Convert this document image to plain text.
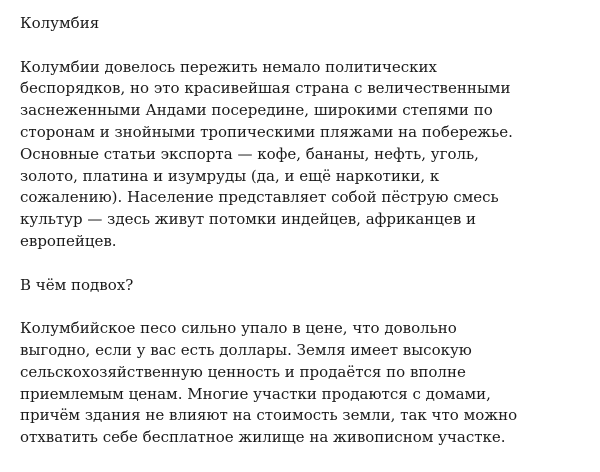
Колумбия
Колумбии довелось пережить немало политических
беспорядков, но это красивейшая страна с величественными
заснеженными Андами посередине, широкими степями по
сторонам и знойными тропическими пляжами на побережье.
Основные статьи экспорта — кофе, бананы, нефть, уголь,
золото, платина и изумруды (да, и ещё наркотики, к
сожалению). Население представляет собой пёструю смесь
культур — здесь живут потомки индейцев, африканцев и
европейцев.
В чём подвох?
Колумбийское песо сильно упало в цене, что довольно
выгодно, если у вас есть доллары. Земля имеет высокую
сельскохозяйственную ценность и продаётся по вполне
приемлемым ценам. Многие участки продаются с домами,
причём здания не влияют на стоимость земли, так что можно
отхватить себе бесплатное жилище на живописном участке.
